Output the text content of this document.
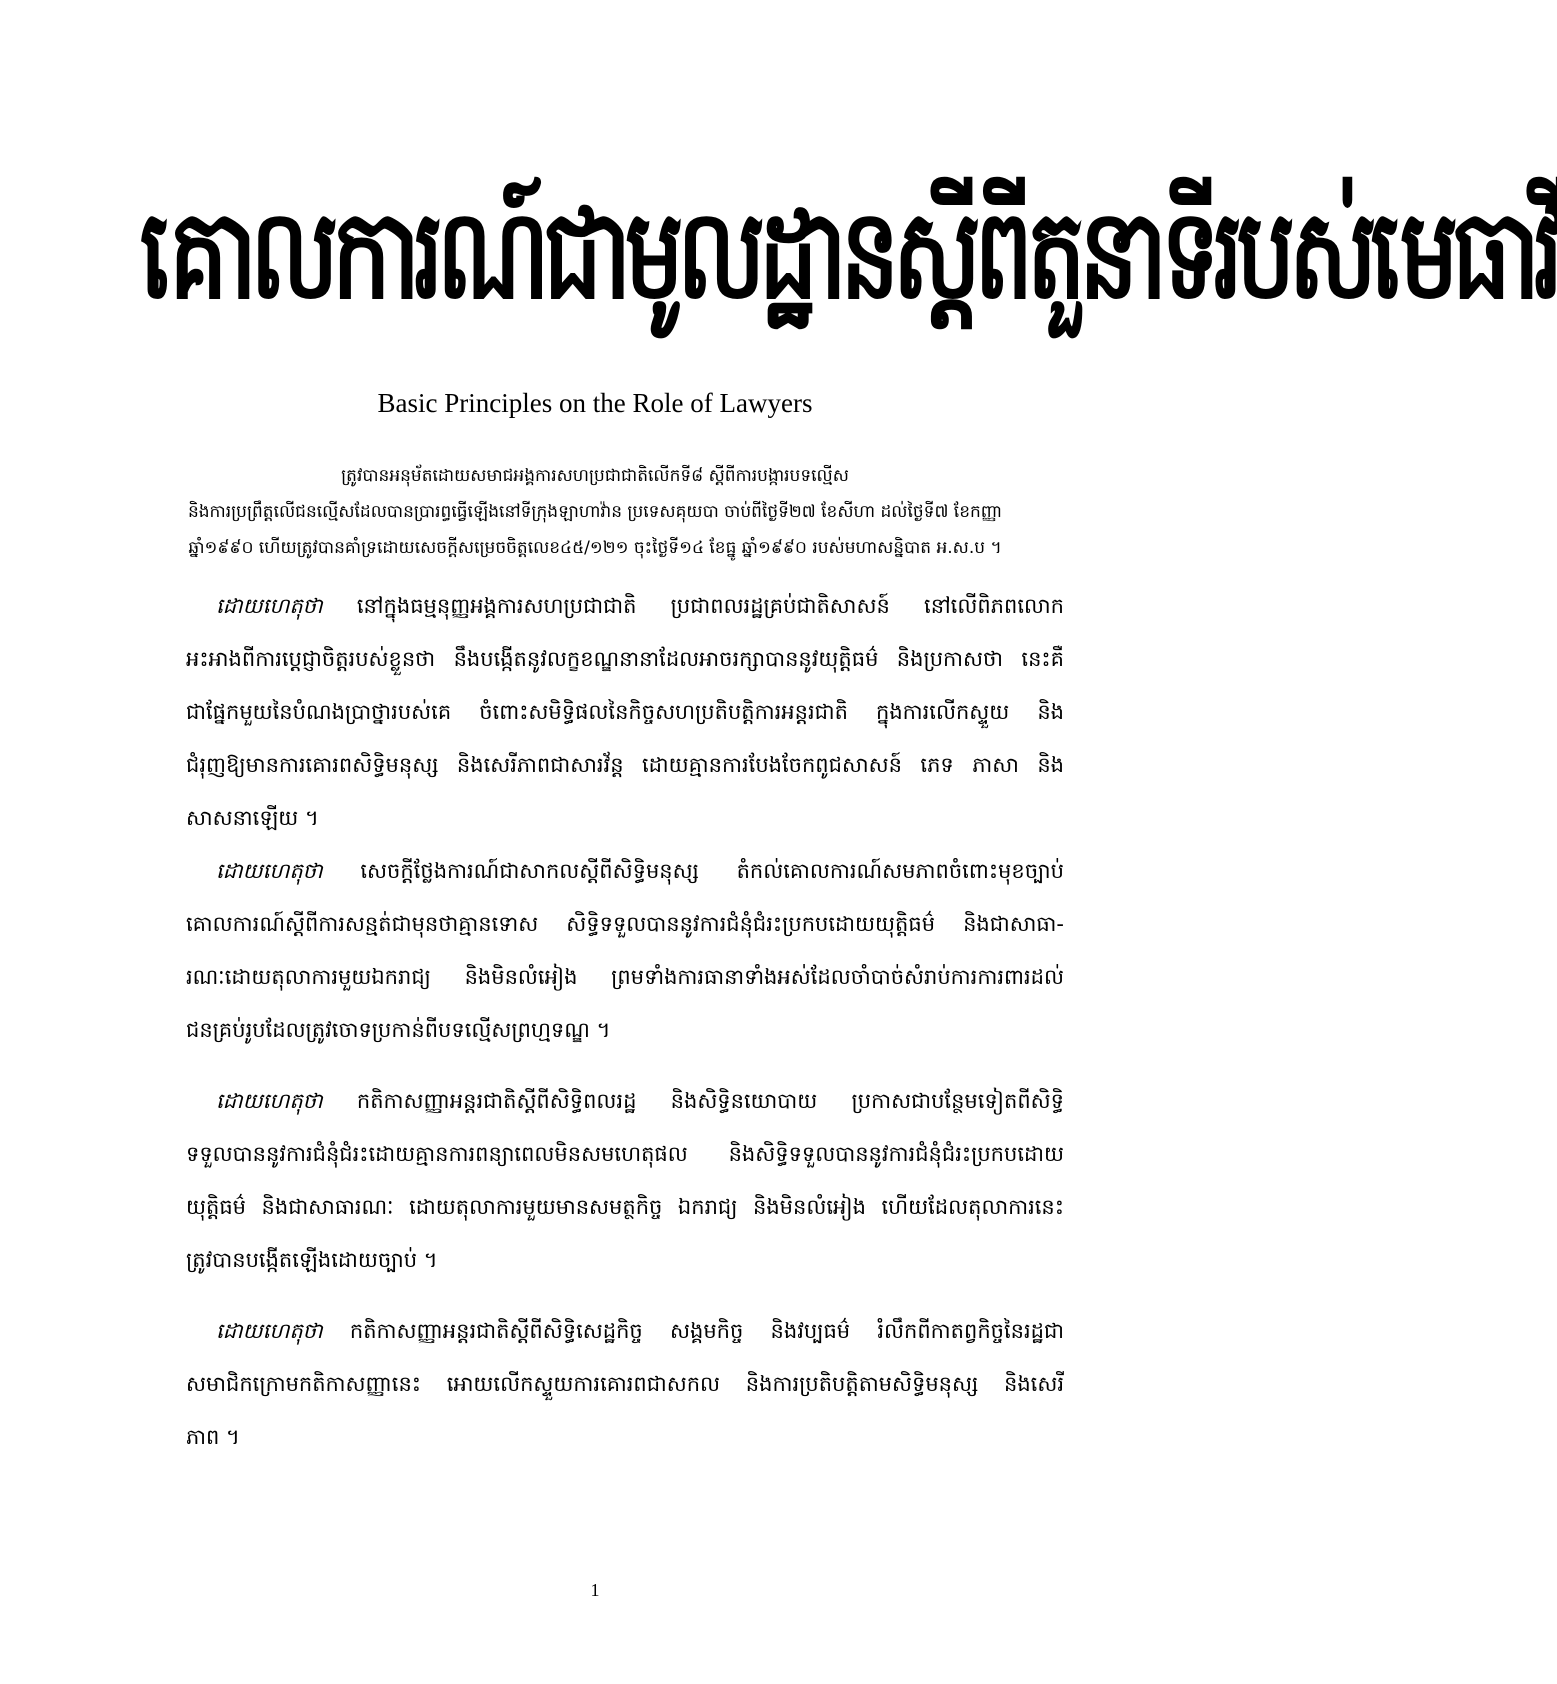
គោលការណ៍ជាមូលដ្ឋានស្តីពីតួនាទីរបស់មេធាវី
Basic Principles on the Role of Lawyers
ត្រូវបានអនុម័តដោយសមាជអង្គការសហប្រជាជាតិលើកទី៨ ស្តីពីការបង្ការបទល្មើស
និងការប្រព្រឹត្តលើជនល្មើសដែលបានប្រារព្ធធ្វើឡើងនៅទីក្រុងឡាហាវ៉ាន ប្រទេសគុយបា ចាប់ពីថ្ងៃទី២៧ ខែសីហា ដល់ថ្ងៃទី៧ ខែកញ្ញា
ឆ្នាំ១៩៩០ ហើយត្រូវបានគាំទ្រដោយសេចក្តីសម្រេចចិត្តលេខ៤៥/១២១ ចុះថ្ងៃទី១៤ ខែធ្នូ ឆ្នាំ១៩៩០ របស់មហាសន្និបាត អ.ស.ប ។
ដោយហេតុថា នៅក្នុងធម្មនុញ្ញអង្គការសហប្រជាជាតិ ប្រជាពលរដ្ឋគ្រប់ជាតិសាសន៍ នៅលើពិភពលោក
អះអាងពីការប្តេជ្ញាចិត្តរបស់ខ្លួនថា នឹងបង្កើតនូវលក្ខខណ្ឌនានាដែលអាចរក្សាបាននូវយុត្តិធម៌ និងប្រកាសថា នេះគឺ
ជាផ្នែកមួយនៃបំណងប្រាថ្នារបស់គេ ចំពោះសមិទ្ធិផលនៃកិច្ចសហប្រតិបត្តិការអន្តរជាតិ ក្នុងការលើកស្ទួយ និង
ជំរុញឱ្យមានការគោរពសិទ្ធិមនុស្ស និងសេរីភាពជាសារវ័ន្ត ដោយគ្មានការបែងចែកពូជសាសន៍ ភេទ ភាសា និង
សាសនាឡើយ ។
ដោយហេតុថា សេចក្តីថ្លែងការណ៍ជាសាកលស្តីពីសិទ្ធិមនុស្ស តំកល់គោលការណ៍សមភាពចំពោះមុខច្បាប់
គោលការណ៍ស្តីពីការសន្មត់ជាមុនថាគ្មានទោស សិទ្ធិទទួលបាននូវការជំនុំជំរះប្រកបដោយយុត្តិធម៌ និងជាសាធា-
រណៈដោយតុលាការមួយឯករាជ្យ និងមិនលំអៀង ព្រមទាំងការធានាទាំងអស់ដែលចាំបាច់សំរាប់ការការពារដល់
ជនគ្រប់រូបដែលត្រូវចោទប្រកាន់ពីបទល្មើសព្រហ្មទណ្ឌ ។
ដោយហេតុថា កតិកាសញ្ញាអន្តរជាតិស្តីពីសិទ្ធិពលរដ្ឋ និងសិទ្ធិនយោបាយ ប្រកាសជាបន្ថែមទៀតពីសិទ្ធិ
ទទួលបាននូវការជំនុំជំរះដោយគ្មានការពន្យាពេលមិនសមហេតុផល និងសិទ្ធិទទួលបាននូវការជំនុំជំរះប្រកបដោយ
យុត្តិធម៌ និងជាសាធារណៈ ដោយតុលាការមួយមានសមត្ថកិច្ច ឯករាជ្យ និងមិនលំអៀង ហើយដែលតុលាការនេះ
ត្រូវបានបង្កើតឡើងដោយច្បាប់ ។
ដោយហេតុថា កតិកាសញ្ញាអន្តរជាតិស្តីពីសិទ្ធិសេដ្ឋកិច្ច សង្គមកិច្ច និងវប្បធម៌ រំលឹកពីកាតព្វកិច្ចនៃរដ្ឋជា
សមាជិកក្រោមកតិកាសញ្ញានេះ អោយលើកស្ទួយការគោរពជាសកល និងការប្រតិបត្តិតាមសិទ្ធិមនុស្ស និងសេរី
ភាព ។
1
